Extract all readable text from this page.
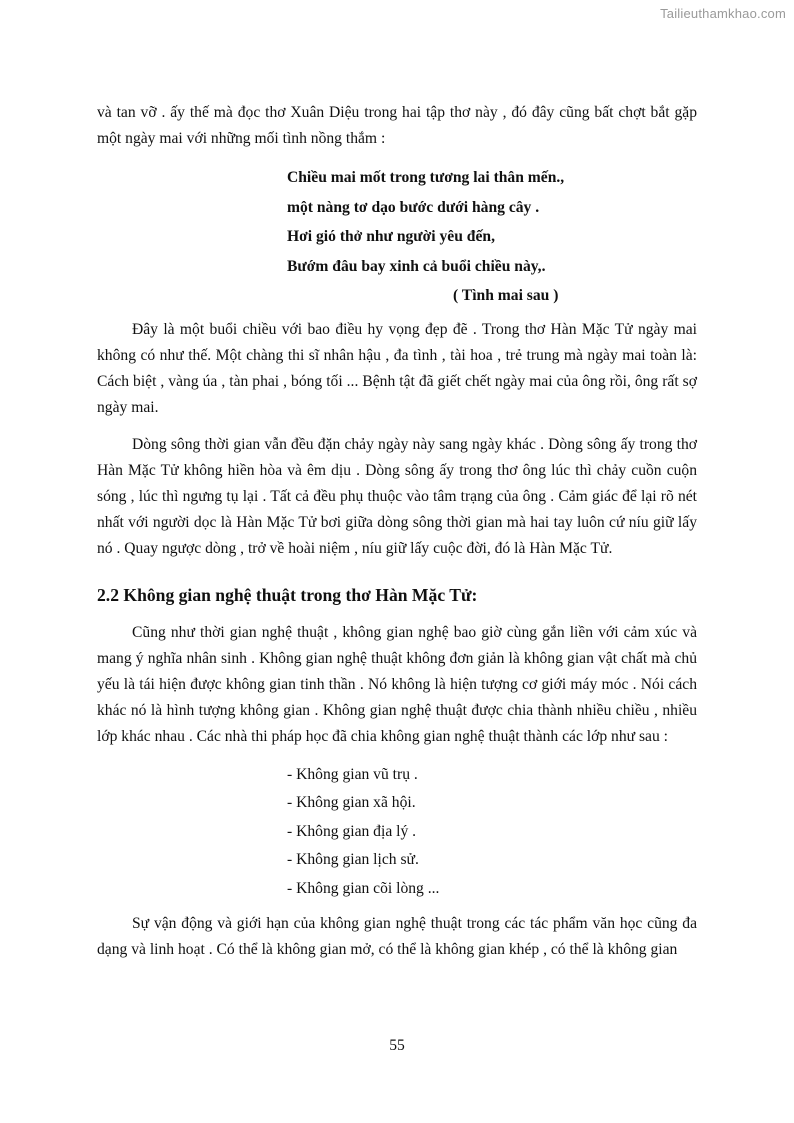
Tailieuthamkhao.com

và tan vỡ . ấy thế mà đọc thơ Xuân Diệu trong hai tập thơ này , đó đây cũng bất chợt bắt gặp một ngày mai với những mối tình nồng thắm :

Chiều mai mốt trong tương lai thân mến.,
một nàng tơ dạo bước dưới hàng cây .
Hơi gió thở như người yêu đến,
Bướm đâu bay xinh cả buổi chiều này,.
( Tình mai sau )

Đây là một buổi chiều với bao điều hy vọng đẹp đẽ . Trong thơ Hàn Mặc Tử ngày mai không có như thế. Một chàng thi sĩ nhân hậu , đa tình , tài hoa , trẻ trung mà ngày mai toàn là: Cách biệt , vàng úa , tàn phai , bóng tối ... Bệnh tật đã giết chết ngày mai của ông rồi, ông rất sợ ngày mai.

Dòng sông thời gian vẫn đều đặn chảy ngày này sang ngày khác . Dòng sông ấy trong thơ Hàn Mặc Tử không hiền hòa và êm dịu . Dòng sông ấy trong thơ ông lúc thì chảy cuồn cuộn sóng , lúc thì ngưng tụ lại . Tất cả đều phụ thuộc vào tâm trạng của ông . Cảm giác để lại rõ nét nhất với người dọc là Hàn Mặc Tử bơi giữa dòng sông thời gian mà hai tay luôn cứ níu giữ lấy nó . Quay ngược dòng , trở về hoài niệm , níu giữ lấy cuộc đời, đó là Hàn Mặc Tử.

2.2 Không gian nghệ thuật trong thơ Hàn Mặc Tử:

Cũng như thời gian nghệ thuật , không gian nghệ bao giờ cùng gắn liền với cảm xúc và mang ý nghĩa nhân sinh . Không gian nghệ thuật không đơn giản là không gian vật chất mà chủ yếu là tái hiện được không gian tinh thần . Nó không là hiện tượng cơ giới máy móc . Nói cách khác nó là hình tượng không gian . Không gian nghệ thuật được chia thành nhiều chiều , nhiều lớp khác nhau . Các nhà thi pháp học đã chia không gian nghệ thuật thành các lớp như sau :

- Không gian vũ trụ .
- Không gian xã hội.
- Không gian địa lý .
- Không gian lịch sử.
- Không gian cõi lòng ...

Sự vận động và giới hạn của không gian nghệ thuật trong các tác phẩm văn học cũng đa dạng và linh hoạt . Có thể là không gian mở, có thể là không gian khép , có thể là không gian

55
